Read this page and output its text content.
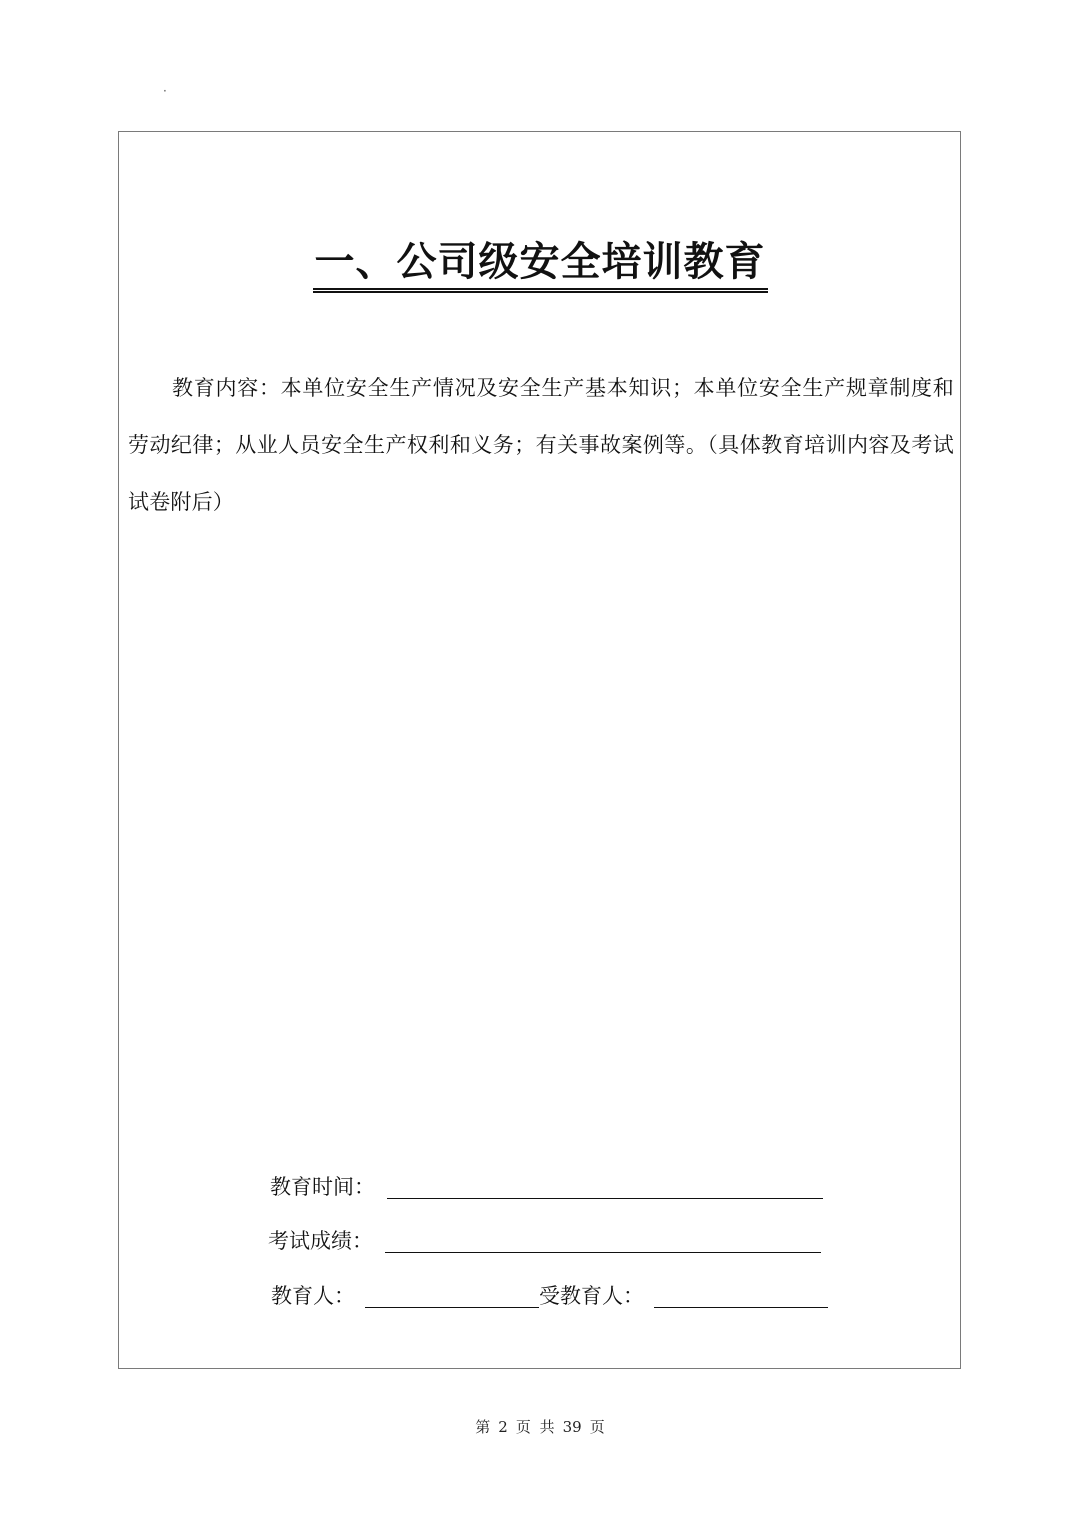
·
一、公司级安全培训教育
教育内容：本单位安全生产情况及安全生产基本知识；本单位安全生产规章制度和劳动纪律；从业人员安全生产权利和义务；有关事故案例等。（具体教育培训内容及考试试卷附后）
教育时间：
考试成绩：
教育人：	受教育人：
第 2 页 共 39 页
